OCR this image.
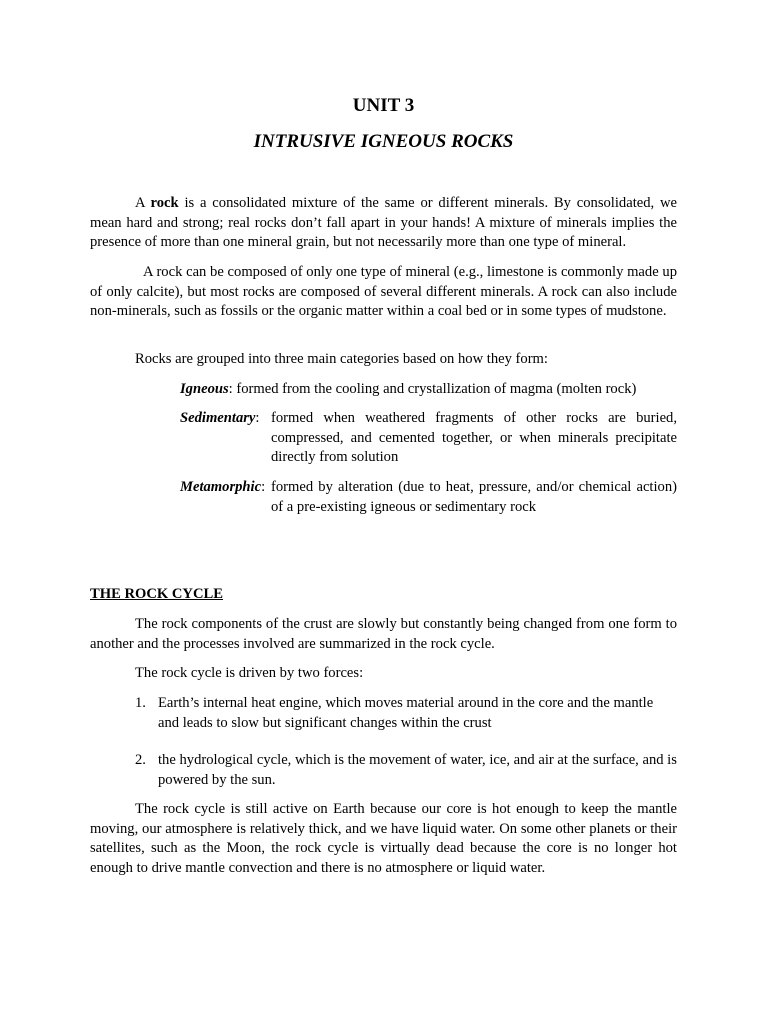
UNIT 3
INTRUSIVE IGNEOUS ROCKS

A rock is a consolidated mixture of the same or different minerals. By consolidated, we mean hard and strong; real rocks don’t fall apart in your hands! A mixture of minerals implies the presence of more than one mineral grain, but not necessarily more than one type of mineral.

A rock can be composed of only one type of mineral (e.g., limestone is commonly made up of only calcite), but most rocks are composed of several different minerals. A rock can also include non-minerals, such as fossils or the organic matter within a coal bed or in some types of mudstone.

Rocks are grouped into three main categories based on how they form:

Igneous: formed from the cooling and crystallization of magma (molten rock)
Sedimentary: formed when weathered fragments of other rocks are buried, compressed, and cemented together, or when minerals precipitate directly from solution
Metamorphic: formed by alteration (due to heat, pressure, and/or chemical action) of a pre-existing igneous or sedimentary rock
THE ROCK CYCLE

The rock components of the crust are slowly but constantly being changed from one form to another and the processes involved are summarized in the rock cycle.

The rock cycle is driven by two forces:

1. Earth’s internal heat engine, which moves material around in the core and the mantle and leads to slow but significant changes within the crust
2. the hydrological cycle, which is the movement of water, ice, and air at the surface, and is powered by the sun.

The rock cycle is still active on Earth because our core is hot enough to keep the mantle moving, our atmosphere is relatively thick, and we have liquid water. On some other planets or their satellites, such as the Moon, the rock cycle is virtually dead because the core is no longer hot enough to drive mantle convection and there is no atmosphere or liquid water.
